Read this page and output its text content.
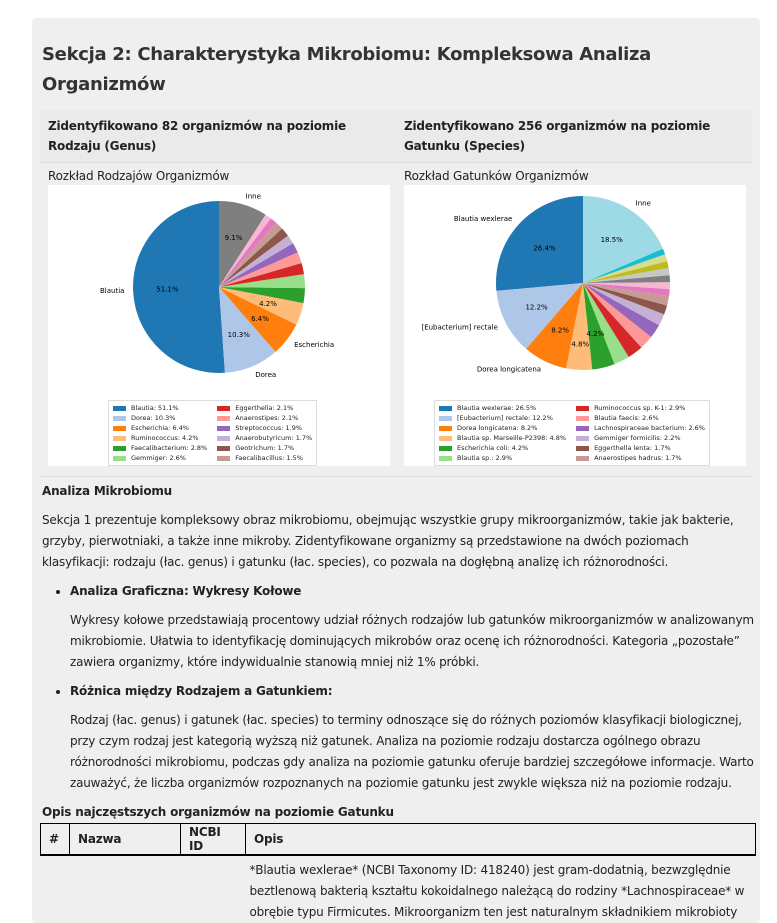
Sekcja 2: Charakterystyka Mikrobiomu: Kompleksowa Analiza Organizmów
Zidentyfikowano 82 organizmów na poziomie Rodzaju (Genus)
Zidentyfikowano 256 organizmów na poziomie Gatunku (Species)
Rozkład Rodzajów Organizmów
51.1%
Blautia
10.3%
Dorea
6.4%
Escherichia
4.2%
9.1%
Inne
Blautia: 51.1%
Dorea: 10.3%
Escherichia: 6.4%
Ruminococcus: 4.2%
Faecalibacterium: 2.8%
Gemmiger: 2.6%
Eggerthella: 2.1%
Anaerostipes: 2.1%
Streptococcus: 1.9%
Anaerobutyricum: 1.7%
Geotrichum: 1.7%
Faecalibacillus: 1.5%
Rozkład Gatunków Organizmów
26.4%
Blautia wexlerae
12.2%
[Eubacterium] rectale	8.2%
Dorea longicatena
4.8%
4.2%
18.5%
Inne
Blautia wexlerae: 26.5%
[Eubacterium] rectale: 12.2%
Dorea longicatena: 8.2%
Blautia sp. Marseille-P2398: 4.8%
Escherichia coli: 4.2%
Blautia sp.: 2.9%
Ruminococcus sp. K-1: 2.9%
Blautia faecis: 2.6%
Lachnospiraceae bacterium: 2.6%
Gemmiger formicilis: 2.2%
Eggerthella lenta: 1.7%
Anaerostipes hadrus: 1.7%

Analiza Mikrobiomu

Sekcja 1 prezentuje kompleksowy obraz mikrobiomu, obejmując wszystkie grupy mikroorganizmów, takie jak bakterie, grzyby, pierwotniaki, a także inne mikroby. Zidentyfikowane organizmy są przedstawione na dwóch poziomach klasyfikacji: rodzaju (łac. genus) i gatunku (łac. species), co pozwala na dogłębną analizę ich różnorodności.

• Analiza Graficzna: Wykresy Kołowe

Wykresy kołowe przedstawiają procentowy udział różnych rodzajów lub gatunków mikroorganizmów w analizowanym mikrobiomie. Ułatwia to identyfikację dominujących mikrobów oraz ocenę ich różnorodności. Kategoria „pozostałe” zawiera organizmy, które indywidualnie stanowią mniej niż 1% próbki.

• Różnica między Rodzajem a Gatunkiem:

Rodzaj (łac. genus) i gatunek (łac. species) to terminy odnoszące się do różnych poziomów klasyfikacji biologicznej, przy czym rodzaj jest kategorią wyższą niż gatunek. Analiza na poziomie rodzaju dostarcza ogólnego obrazu różnorodności mikrobiomu, podczas gdy analiza na poziomie gatunku oferuje bardziej szczegółowe informacje. Warto zauważyć, że liczba organizmów rozpoznanych na poziomie gatunku jest zwykle większa niż na poziomie rodzaju.

Opis najczęstszych organizmów na poziomie Gatunku

#	Nazwa	NCBI ID	Opis
			*Blautia wexlerae* (NCBI Taxonomy ID: 418240) jest gram-dodatnią, bezwzględnie beztlenową bakterią kształtu kokoidalnego należącą do rodziny *Lachnospiraceae* w obrębie typu Firmicutes. Mikroorganizm ten jest naturalnym składnikiem mikrobioty
